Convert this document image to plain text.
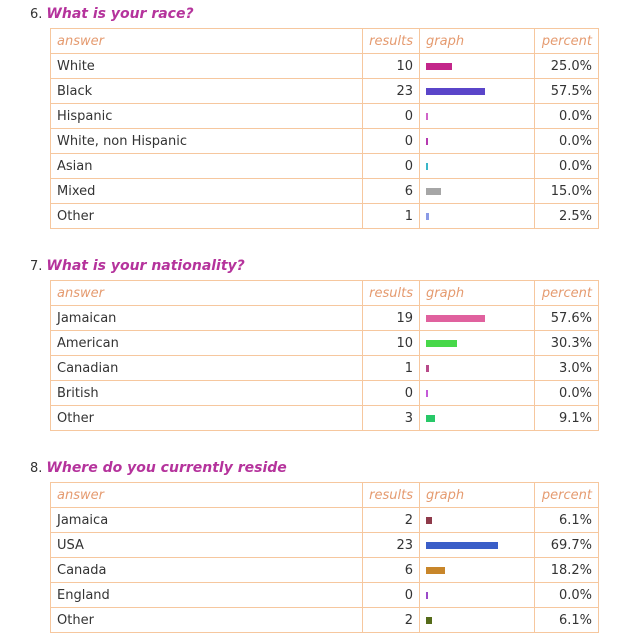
6. What is your race?
answer	results	graph	percent
White	10		25.0%
Black	23		57.5%
Hispanic	0		0.0%
White, non Hispanic	0		0.0%
Asian	0		0.0%
Mixed	6		15.0%
Other	1		2.5%
7. What is your nationality?
answer	results	graph	percent
Jamaican	19		57.6%
American	10		30.3%
Canadian	1		3.0%
British	0		0.0%
Other	3		9.1%
8. Where do you currently reside
answer	results	graph	percent
Jamaica	2		6.1%
USA	23		69.7%
Canada	6		18.2%
England	0		0.0%
Other	2		6.1%
